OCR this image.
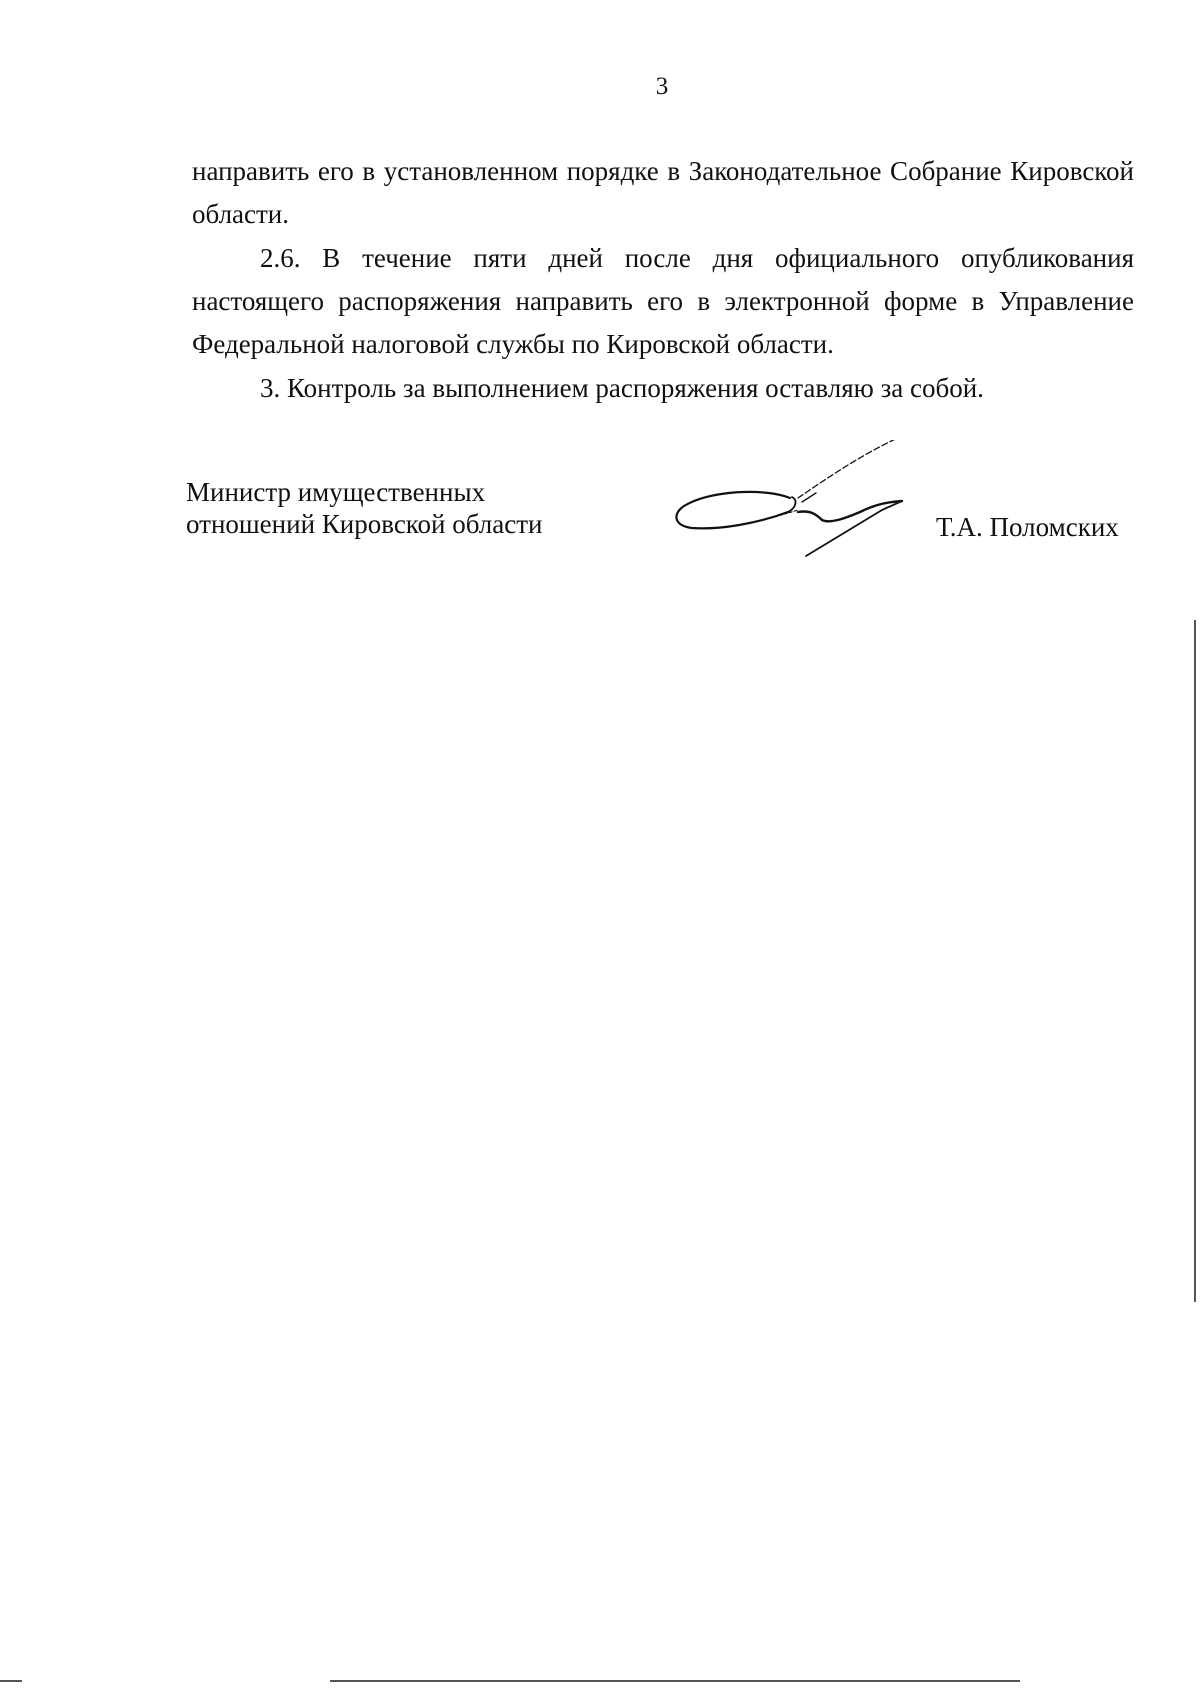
3

направить его в установленном порядке в Законодательное Собрание Кировской области.

2.6. В течение пяти дней после дня официального опубликования настоящего распоряжения направить его в электронной форме в Управление Федеральной налоговой службы по Кировской области.

3. Контроль за выполнением распоряжения оставляю за собой.

Министр имущественных
отношений Кировской области	Т.А. Поломских
